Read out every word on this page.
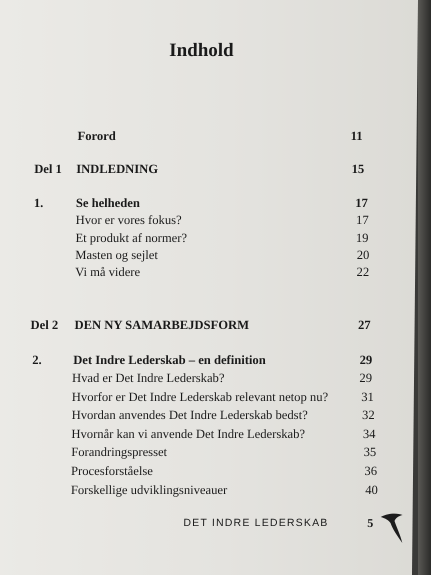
Indhold
Forord	11
Del 1 INDLEDNING	15
1.	Se helheden	17
Hvor er vores fokus?	17
Et produkt af normer?	19
Masten og sejlet	20
Vi må videre	22
Del 2 DEN NY SAMARBEJDSFORM	27
2. Det Indre Lederskab – en definition	29
Hvad er Det Indre Lederskab?	29
Hvorfor er Det Indre Lederskab relevant netop nu?	31
Hvordan anvendes Det Indre Lederskab bedst?	32
Hvornår kan vi anvende Det Indre Lederskab?	34
Forandringspresset	35
Procesforståelse	36
Forskellige udviklingsniveauer	40
DET INDRE LEDERSKAB	5
